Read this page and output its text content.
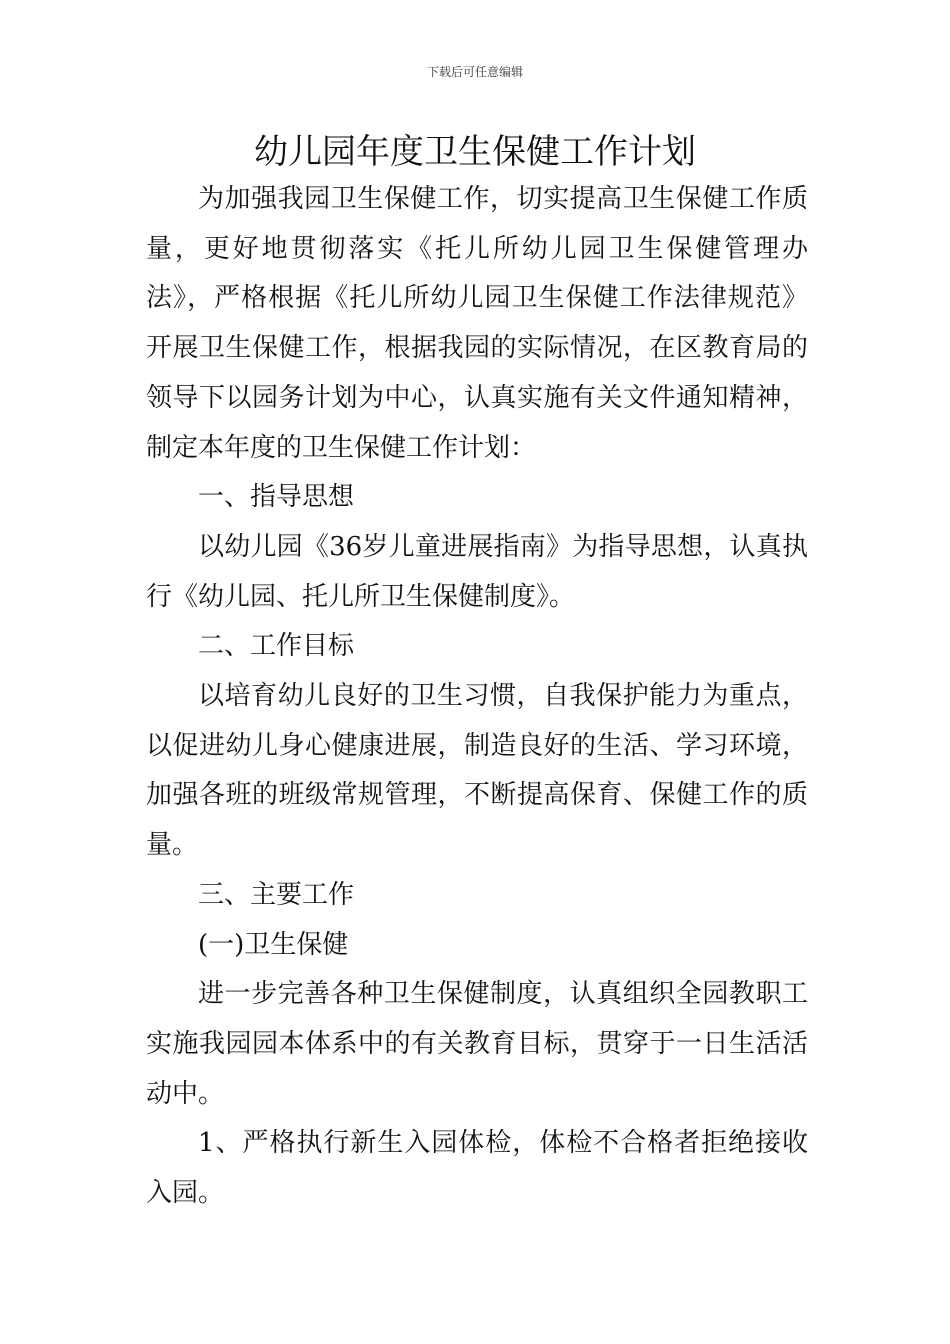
下载后可任意编辑
幼儿园年度卫生保健工作计划

为加强我园卫生保健工作，切实提高卫生保健工作质量，更好地贯彻落实《托儿所幼儿园卫生保健管理办法》，严格根据《托儿所幼儿园卫生保健工作法律规范》开展卫生保健工作，根据我园的实际情况，在区教育局的领导下以园务计划为中心，认真实施有关文件通知精神，制定本年度的卫生保健工作计划：

一、指导思想

以幼儿园《36岁儿童进展指南》为指导思想，认真执行《幼儿园、托儿所卫生保健制度》。

二、工作目标

以培育幼儿良好的卫生习惯，自我保护能力为重点，以促进幼儿身心健康进展，制造良好的生活、学习环境，加强各班的班级常规管理，不断提高保育、保健工作的质量。

三、主要工作

(一)卫生保健

进一步完善各种卫生保健制度，认真组织全园教职工实施我园园本体系中的有关教育目标，贯穿于一日生活活动中。

1、严格执行新生入园体检，体检不合格者拒绝接收入园。
